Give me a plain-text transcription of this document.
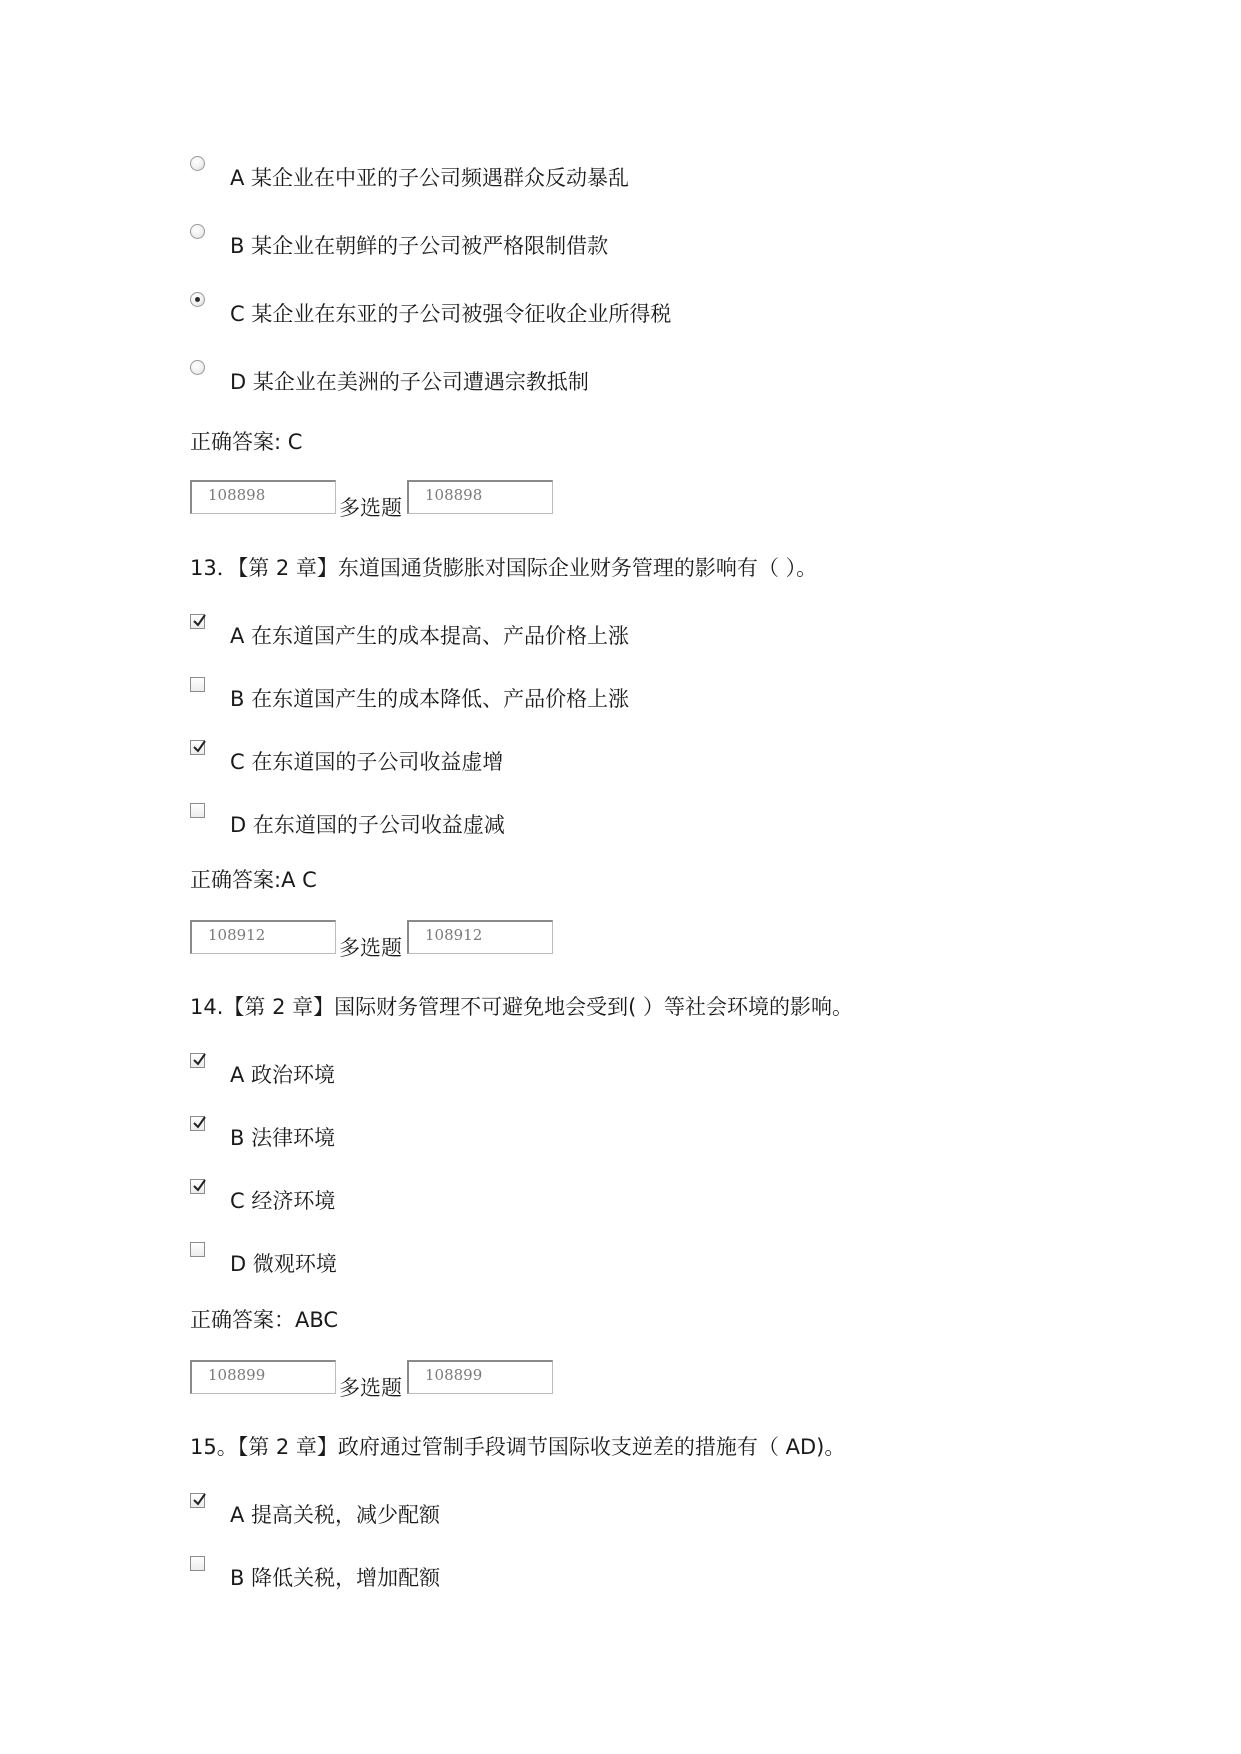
A 某企业在中亚的子公司频遇群众反动暴乱
B 某企业在朝鲜的子公司被严格限制借款
C 某企业在东亚的子公司被强令征收企业所得税
D 某企业在美洲的子公司遭遇宗教抵制
正确答案: C
108898
多选题
108898
13．【第 2 章】东道国通货膨胀对国际企业财务管理的影响有（ ）。
A 在东道国产生的成本提高、产品价格上涨
B 在东道国产生的成本降低、产品价格上涨
C 在东道国的子公司收益虚增
D 在东道国的子公司收益虚减
正确答案:A C
108912
多选题
108912
14.【第 2 章】国际财务管理不可避免地会受到( ）等社会环境的影响。
A 政治环境
B 法律环境
C 经济环境
D 微观环境
正确答案：ABC
108899
多选题
108899
15。【第 2 章】政府通过管制手段调节国际收支逆差的措施有（ AD)。
A 提高关税，减少配额
B 降低关税，增加配额
